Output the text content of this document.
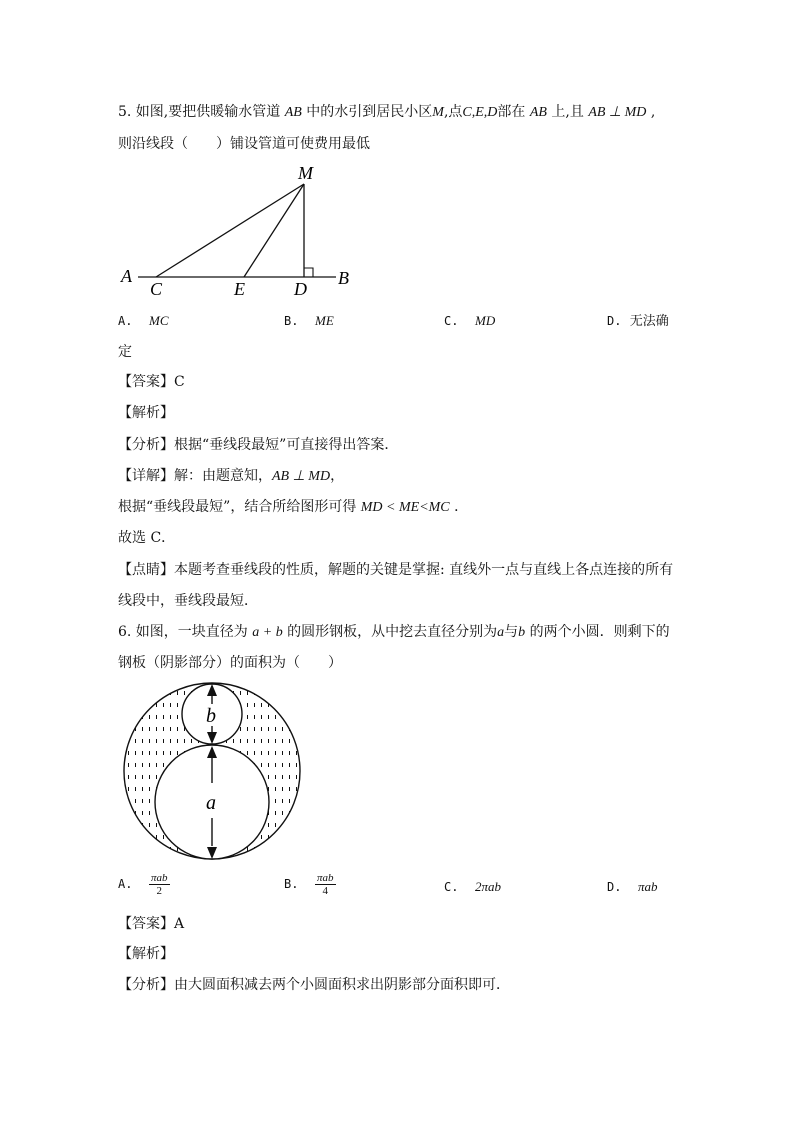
5. 如图,要把供暖输水管道 AB 中的水引到居民小区M,点C,E,D部在 AB 上,且 AB ⊥ MD ,
则沿线段（　　）铺设管道可使费用最低
M
A	B
C	E	D
A. MC	B. ME	C. MD	D. 无法确
定
【答案】C
【解析】
【分析】根据“垂线段最短”可直接得出答案．
【详解】解：由题意知，AB ⊥ MD，
根据“垂线段最短”，结合所给图形可得 MD < ME<MC ．
故选 C．
【点睛】本题考查垂线段的性质，解题的关键是掌握: 直线外一点与直线上各点连接的所有
线段中，垂线段最短．
6. 如图，一块直径为 a + b 的圆形钢板，从中挖去直径分别为a与b 的两个小圆．则剩下的
钢板（阴影部分）的面积为（　　）
b
a
A. $\frac{\text{πab}}{2}$	B. $\frac{\text{πab}}{4}$	C. 2πab	D. πab
【答案】A
【解析】
【分析】由大圆面积减去两个小圆面积求出阴影部分面积即可．
